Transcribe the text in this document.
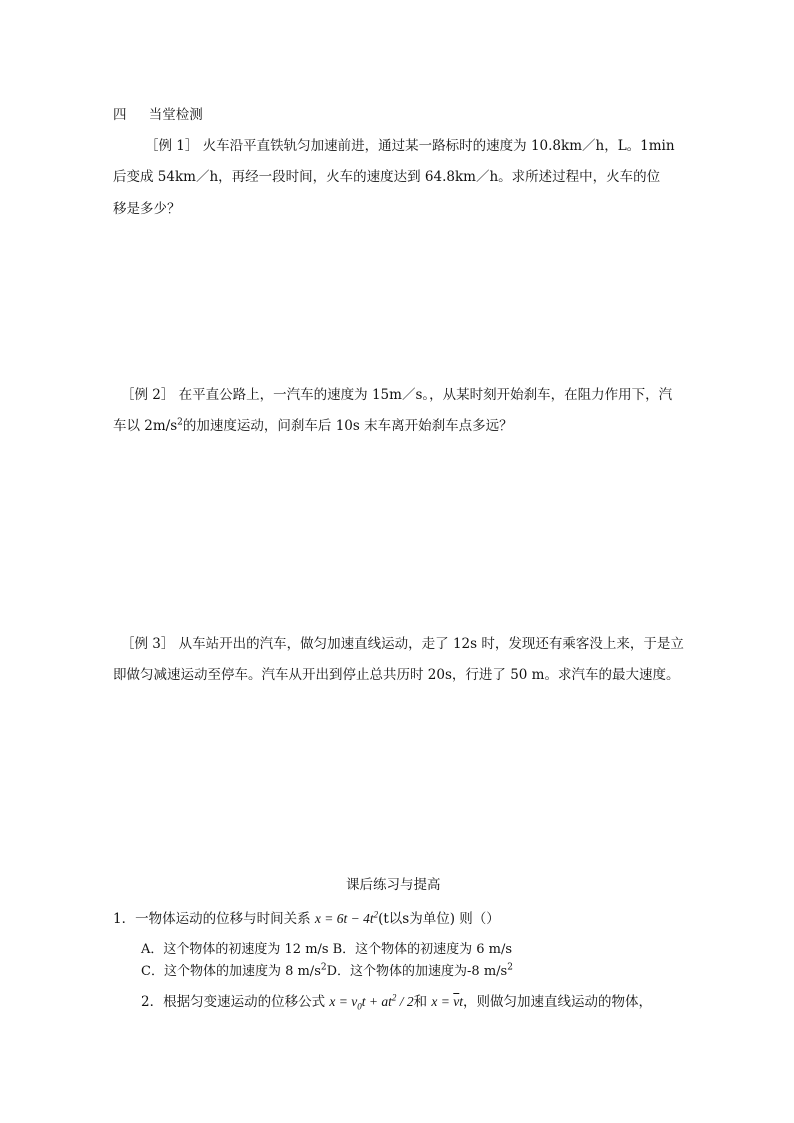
四 当堂检测
［例 1］ 火车沿平直铁轨匀加速前进，通过某一路标时的速度为 10.8km／h，L。1min
后变成 54km／h，再经一段时间，火车的速度达到 64.8km／h。求所述过程中，火车的位
移是多少？
［例 2］ 在平直公路上，一汽车的速度为 15m／s。，从某时刻开始刹车，在阻力作用下，汽
车以 $2m/s^2$的加速度运动，问刹车后 10s 末车离开始刹车点多远？
［例 3］ 从车站开出的汽车，做匀加速直线运动，走了 12s 时，发现还有乘客没上来，于是立
即做匀减速运动至停车。汽车从开出到停止总共历时 20s，行进了 50 m。求汽车的最大速度。
课后练习与提高
1．一物体运动的位移与时间关系 $x = 6t - 4t^2(t$以s为单位) 则（）
A．这个物体的初速度为 12 m/s B．这个物体的初速度为 6 m/s
C．这个物体的加速度为 8 $m/s^2D$．这个物体的加速度为-8 $m/s^2$
2．根据匀变速运动的位移公式 $x = v_0t + at^2 / 2$和 $x = \overline{v}t$，则做匀加速直线运动的物体，
